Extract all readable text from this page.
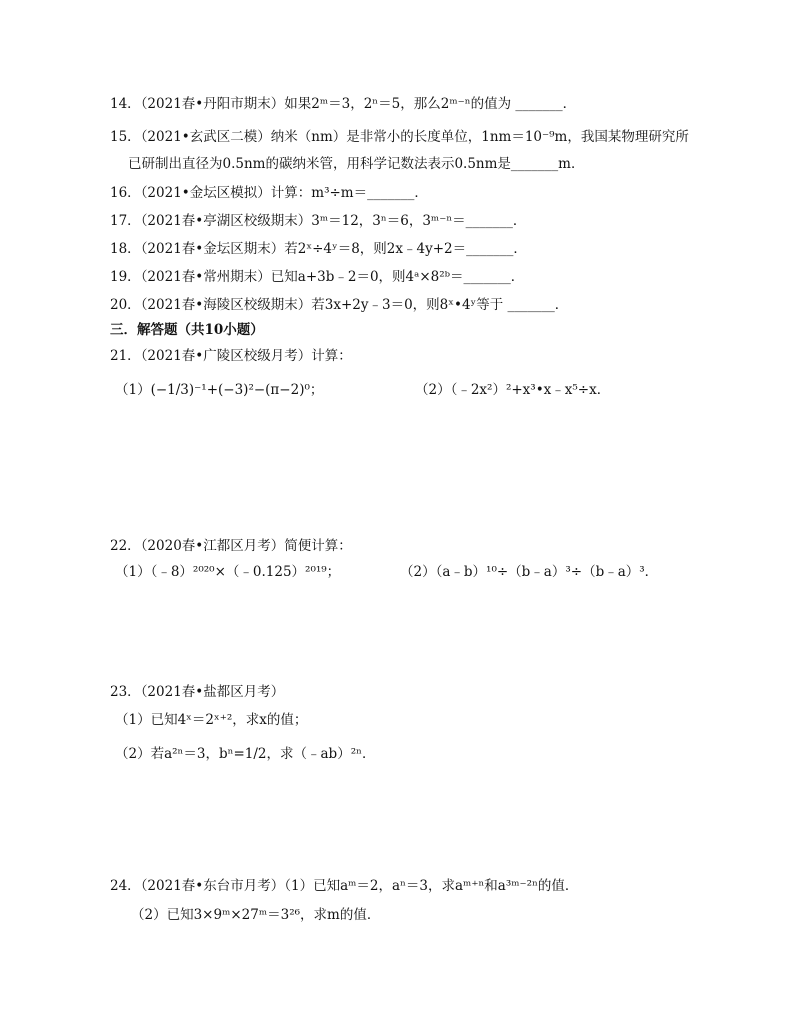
14．（2021春•丹阳市期末）如果2ᵐ＝3，2ⁿ＝5，那么2ᵐ⁻ⁿ的值为 _______．
15．（2021•玄武区二模）纳米（nm）是非常小的长度单位，1nm＝10⁻⁹m，我国某物理研究所
已研制出直径为0.5nm的碳纳米管，用科学记数法表示0.5nm是_______m．
16．（2021•金坛区模拟）计算：m³÷m＝_______．
17．（2021春•亭湖区校级期末）3ᵐ＝12，3ⁿ＝6，3ᵐ⁻ⁿ＝_______．
18．（2021春•金坛区期末）若2ˣ÷4ʸ＝8，则2x﹣4y+2＝_______．
19．（2021春•常州期末）已知a+3b﹣2＝0，则4ᵃ×8²ᵇ＝_______．
20．（2021春•海陵区校级期末）若3x+2y﹣3＝0，则8ˣ•4ʸ等于 _______．
三．解答题（共10小题）
21．（2021春•广陵区校级月考）计算：
（1）(−1/3)⁻¹+(−3)²−(π−2)⁰；	（2）（﹣2x²）²+x³•x﹣x⁵÷x．
22．（2020春•江都区月考）简便计算：
（1）（﹣8）²⁰²⁰×（﹣0.125）²⁰¹⁹；	（2）（a﹣b）¹⁰÷（b﹣a）³÷（b﹣a）³．
23．（2021春•盐都区月考）
（1）已知4ˣ＝2ˣ⁺²，求x的值；
（2）若a²ⁿ＝3，bⁿ=1/2，求（﹣ab）²ⁿ．
24．（2021春•东台市月考）（1）已知aᵐ＝2，aⁿ＝3，求aᵐ⁺ⁿ和a³ᵐ⁻²ⁿ的值．
（2）已知3×9ᵐ×27ᵐ＝3²⁶，求m的值．
